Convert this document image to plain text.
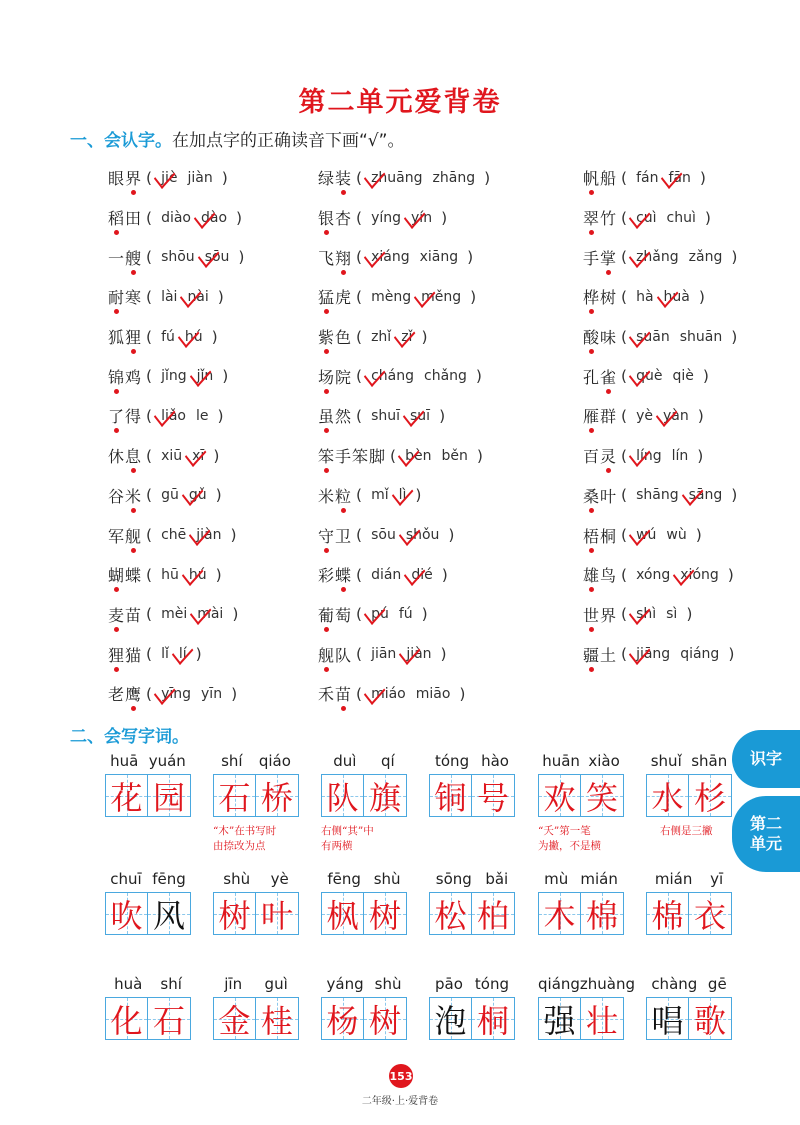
第二单元爱背卷
一、会认字。在加点字的正确读音下画“√”。
眼界 ( jiè jiàn )
稻田 ( diào dào )
一艘 ( shōu sōu )
耐寒 ( lài nài )
狐狸 ( fú hú )
锦鸡 ( jǐng jǐn )
了得 ( liǎo le )
休息 ( xiū xī )
谷米 ( gū gǔ )
军舰 ( chē jiàn )
蝴蝶 ( hū hú )
麦苗 ( mèi mài )
狸猫 ( lǐ lí )
老鹰 ( yīng yīn )
绿装 ( zhuāng zhāng )
银杏 ( yíng yín )
飞翔 ( xiáng xiāng )
猛虎 ( mèng měng )
紫色 ( zhǐ zǐ )
场院 ( cháng chǎng )
虽然 ( shuī suī )
笨手笨脚 ( bèn běn )
米粒 ( mǐ lì )
守卫 ( sōu shǒu )
彩蝶 ( dián dié )
葡萄 ( pú fú )
舰队 ( jiān jiàn )
禾苗 ( miáo miāo )
帆船 ( fán fān )
翠竹 ( cuì chuì )
手掌 ( zhǎng zǎng )
桦树 ( hà huà )
酸味 ( suān shuān )
孔雀 ( què qiè )
雁群 ( yè yàn )
百灵 ( líng lín )
桑叶 ( shāng sāng )
梧桐 ( wú wù )
雄鸟 ( xóng xióng )
世界 ( shì sì )
疆土 ( jiāng qiáng )
二、会写字词。
huā yuán
花 园
shí qiáo
石 桥
“木”在书写时
由捺改为点
duì qí
队 旗
右侧“其”中
有两横
tóng hào
铜 号
huān xiào
欢 笑
“夭”第一笔
为撇，不是横
shuǐ shān
水 杉
右侧是三撇
chuī fēng
吹 风
shù yè
树 叶
fēng shù
枫 树
sōng bǎi
松 柏
mù mián
木 棉
mián yī
棉 衣
huà shí
化 石
jīn guì
金 桂
yáng shù
杨 树
pāo tóng
泡 桐
qiáng zhuàng
强 壮
chàng gē
唱 歌
识字
第二单元
153
二年级·上·爱背卷
